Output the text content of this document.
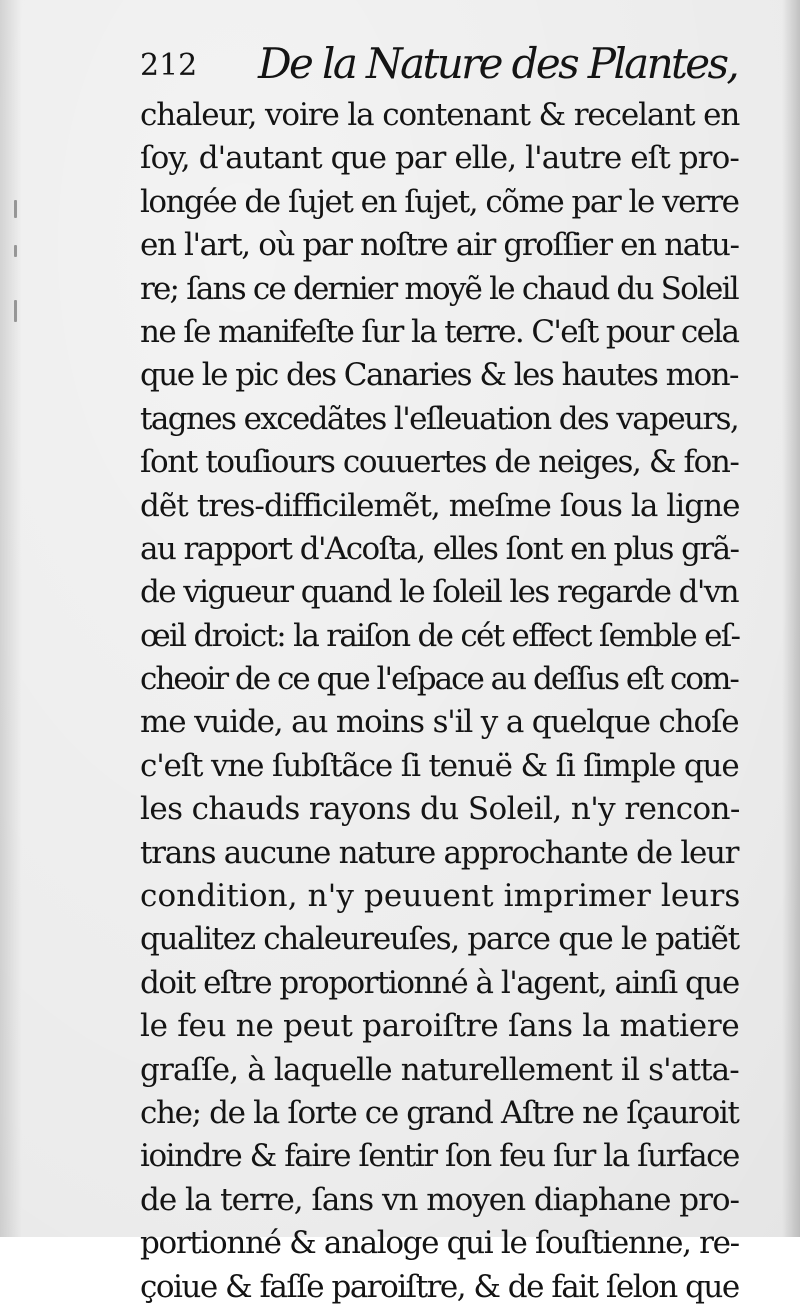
212 De la Nature des Plantes,
chaleur, voire la contenant & recelant en
ſoy, d'autant que par elle, l'autre eſt pro-
longée de ſujet en ſujet, cõme par le verre
en l'art, où par noſtre air groſſier en natu-
re; ſans ce dernier moyẽ le chaud du Soleil
ne ſe manifeſte ſur la terre. C'eſt pour cela
que le pic des Canaries & les hautes mon-
tagnes excedãtes l'eſleuation des vapeurs,
ſont touſiours couuertes de neiges, & fon-
dẽt tres-difficilemẽt, meſme ſous la ligne
au rapport d'Acoſta, elles ſont en plus grã-
de vigueur quand le ſoleil les regarde d'vn
œil droict: la raiſon de cét effect ſemble eſ-
cheoir de ce que l'eſpace au deſſus eſt com-
me vuide, au moins s'il y a quelque choſe
c'eſt vne ſubſtãce ſi tenuë & ſi ſimple que
les chauds rayons du Soleil, n'y rencon-
trans aucune nature approchante de leur
condition, n'y peuuent imprimer leurs
qualitez chaleureuſes, parce que le patiẽt
doit eſtre proportionné à l'agent, ainſi que
le feu ne peut paroiſtre ſans la matiere
graſſe, à laquelle naturellement il s'atta-
che; de la ſorte ce grand Aſtre ne ſçauroit
ioindre & faire ſentir ſon feu ſur la ſurface
de la terre, ſans vn moyen diaphane pro-
portionné & analoge qui le ſouſtienne, re-
çoiue & faſſe paroiſtre, & de fait ſelon que
